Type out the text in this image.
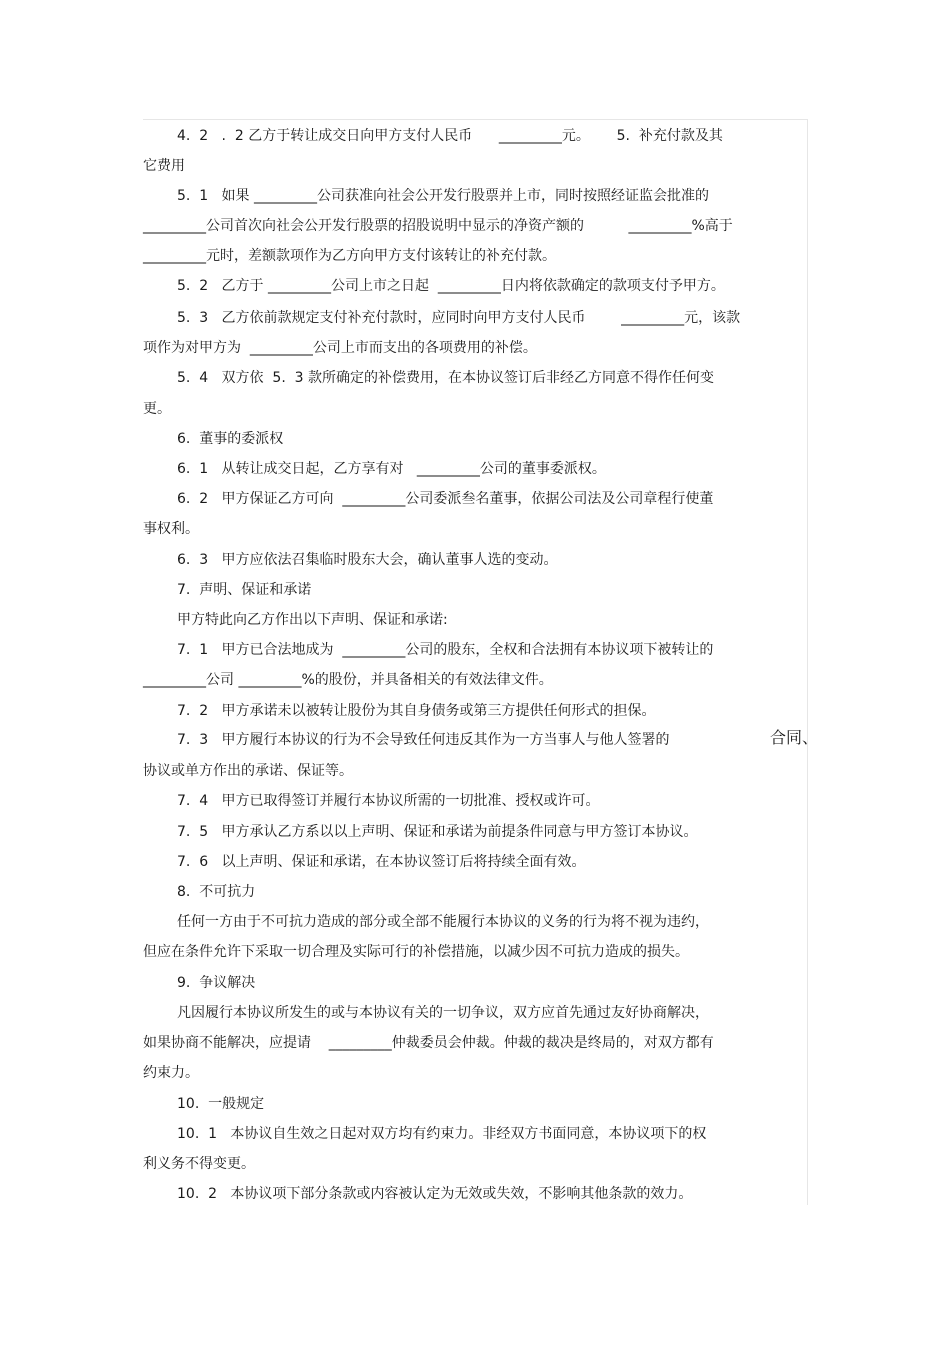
4.  2   .  2 乙方于转让成交日向甲方支付人民币      _________元。      5.  补充付款及其
它费用
5.  1   如果 _________公司获准向社会公开发行股票并上市，同时按照经证监会批准的
_________公司首次向社会公开发行股票的招股说明中显示的净资产额的          _________%高于
_________元时，差额款项作为乙方向甲方支付该转让的补充付款。
5.  2   乙方于 _________公司上市之日起  _________日内将依款确定的款项支付予甲方。
5.  3   乙方依前款规定支付补充付款时，应同时向甲方支付人民币        _________元，该款
项作为对甲方为  _________公司上市而支出的各项费用的补偿。
5.  4   双方依  5.  3 款所确定的补偿费用，在本协议签订后非经乙方同意不得作任何变
更。
6.  董事的委派权
6.  1   从转让成交日起，乙方享有对   _________公司的董事委派权。
6.  2   甲方保证乙方可向  _________公司委派叁名董事，依据公司法及公司章程行使董
事权利。
6.  3   甲方应依法召集临时股东大会，确认董事人选的变动。
7.  声明、保证和承诺
甲方特此向乙方作出以下声明、保证和承诺:
7.  1   甲方已合法地成为  _________公司的股东，全权和合法拥有本协议项下被转让的
_________公司 _________%的股份，并具备相关的有效法律文件。
7.  2   甲方承诺未以被转让股份为其自身债务或第三方提供任何形式的担保。
7.  3   甲方履行本协议的行为不会导致任何违反其作为一方当事人与他人签署的	合同、
协议或单方作出的承诺、保证等。
7.  4   甲方已取得签订并履行本协议所需的一切批准、授权或许可。
7.  5   甲方承认乙方系以以上声明、保证和承诺为前提条件同意与甲方签订本协议。
7.  6   以上声明、保证和承诺，在本协议签订后将持续全面有效。
8.  不可抗力
任何一方由于不可抗力造成的部分或全部不能履行本协议的义务的行为将不视为违约，
但应在条件允许下采取一切合理及实际可行的补偿措施，以减少因不可抗力造成的损失。
9.  争议解决
凡因履行本协议所发生的或与本协议有关的一切争议，双方应首先通过友好协商解决，
如果协商不能解决，应提请    _________仲裁委员会仲裁。仲裁的裁决是终局的，对双方都有
约束力。
10.  一般规定
10.  1   本协议自生效之日起对双方均有约束力。非经双方书面同意，本协议项下的权
利义务不得变更。
10.  2   本协议项下部分条款或内容被认定为无效或失效，不影响其他条款的效力。
